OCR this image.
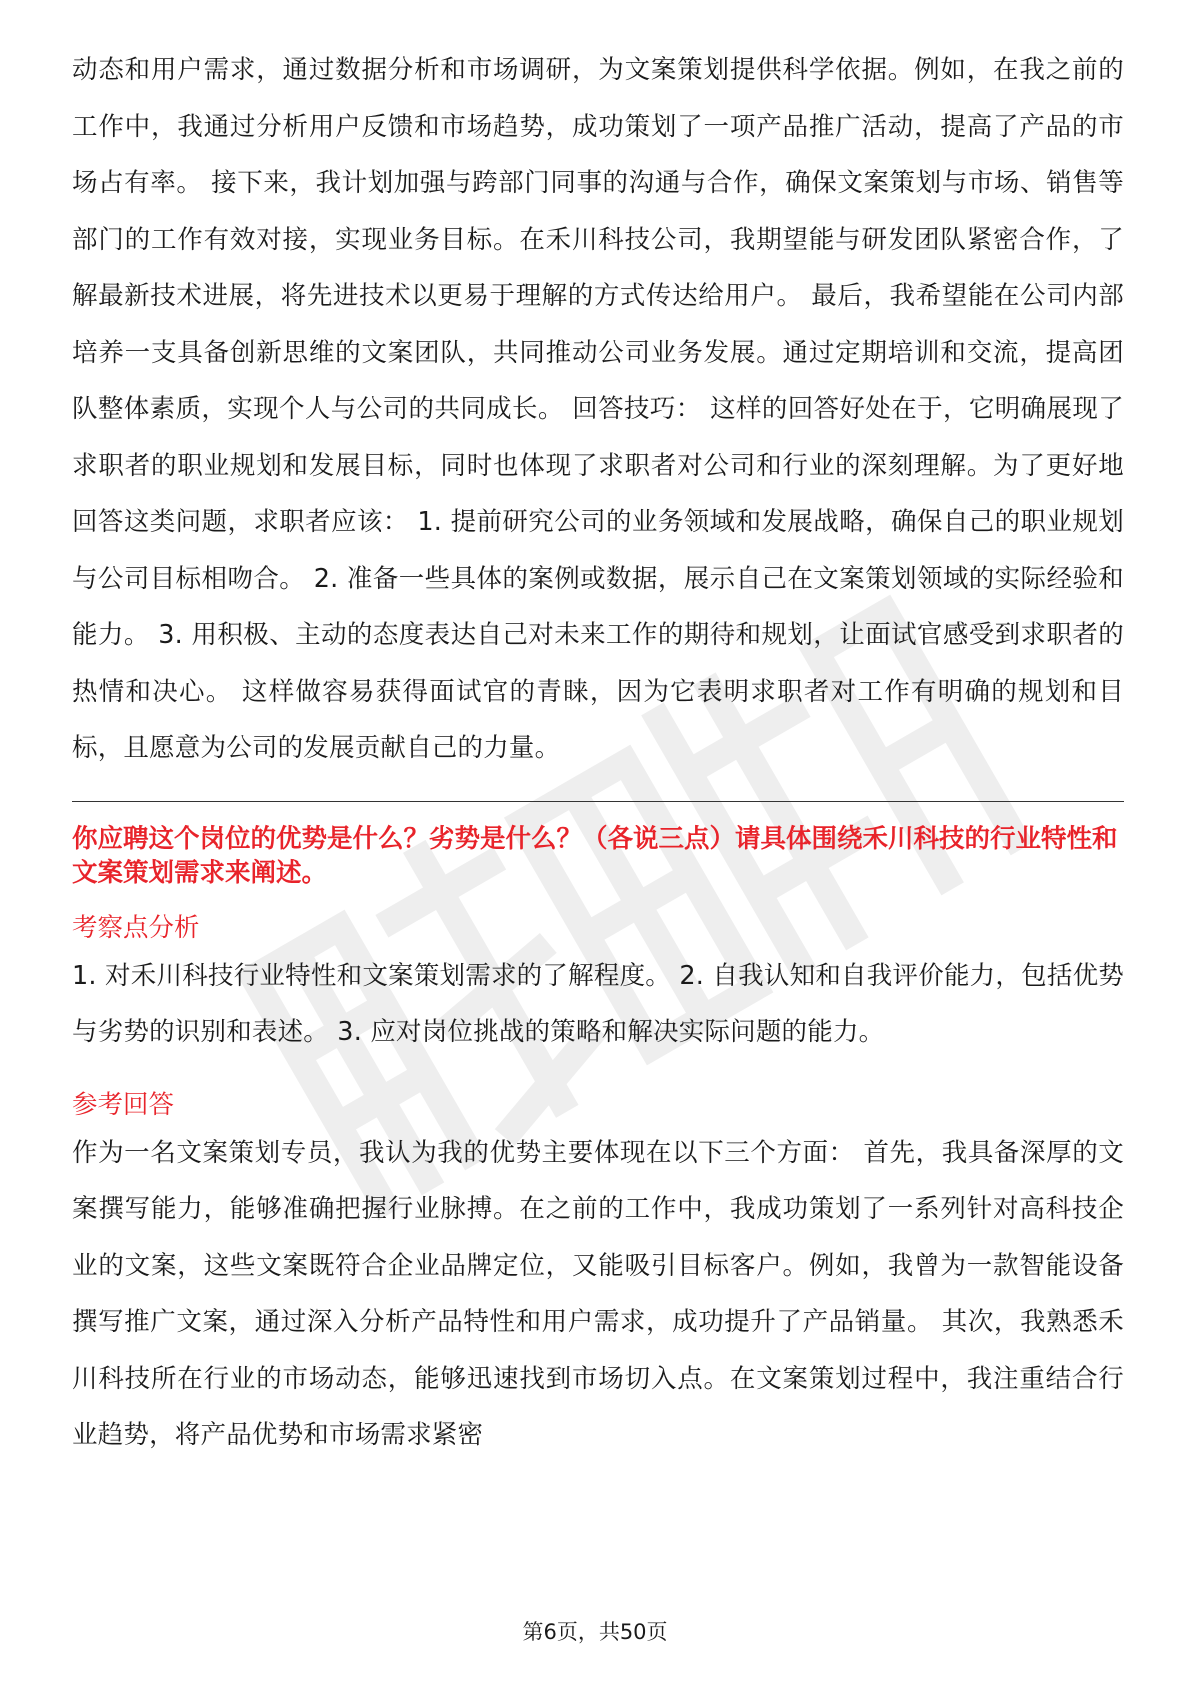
动态和用户需求，通过数据分析和市场调研，为文案策划提供科学依据。例如，在我之前的工作中，我通过分析用户反馈和市场趋势，成功策划了一项产品推广活动，提高了产品的市场占有率。 接下来，我计划加强与跨部门同事的沟通与合作，确保文案策划与市场、销售等部门的工作有效对接，实现业务目标。在禾川科技公司，我期望能与研发团队紧密合作，了解最新技术进展，将先进技术以更易于理解的方式传达给用户。 最后，我希望能在公司内部培养一支具备创新思维的文案团队，共同推动公司业务发展。通过定期培训和交流，提高团队整体素质，实现个人与公司的共同成长。 回答技巧： 这样的回答好处在于，它明确展现了求职者的职业规划和发展目标，同时也体现了求职者对公司和行业的深刻理解。为了更好地回答这类问题，求职者应该： 1. 提前研究公司的业务领域和发展战略，确保自己的职业规划与公司目标相吻合。 2. 准备一些具体的案例或数据，展示自己在文案策划领域的实际经验和能力。 3. 用积极、主动的态度表达自己对未来工作的期待和规划，让面试官感受到求职者的热情和决心。 这样做容易获得面试官的青睐，因为它表明求职者对工作有明确的规划和目标，且愿意为公司的发展贡献自己的力量。

你应聘这个岗位的优势是什么？劣势是什么？（各说三点）请具体围绕禾川科技的行业特性和文案策划需求来阐述。

考察点分析

1. 对禾川科技行业特性和文案策划需求的了解程度。 2. 自我认知和自我评价能力，包括优势与劣势的识别和表述。 3. 应对岗位挑战的策略和解决实际问题的能力。

参考回答

作为一名文案策划专员，我认为我的优势主要体现在以下三个方面： 首先，我具备深厚的文案撰写能力，能够准确把握行业脉搏。在之前的工作中，我成功策划了一系列针对高科技企业的文案，这些文案既符合企业品牌定位，又能吸引目标客户。例如，我曾为一款智能设备撰写推广文案，通过深入分析产品特性和用户需求，成功提升了产品销量。 其次，我熟悉禾川科技所在行业的市场动态，能够迅速找到市场切入点。在文案策划过程中，我注重结合行业趋势，将产品优势和市场需求紧密

第6页，共50页
